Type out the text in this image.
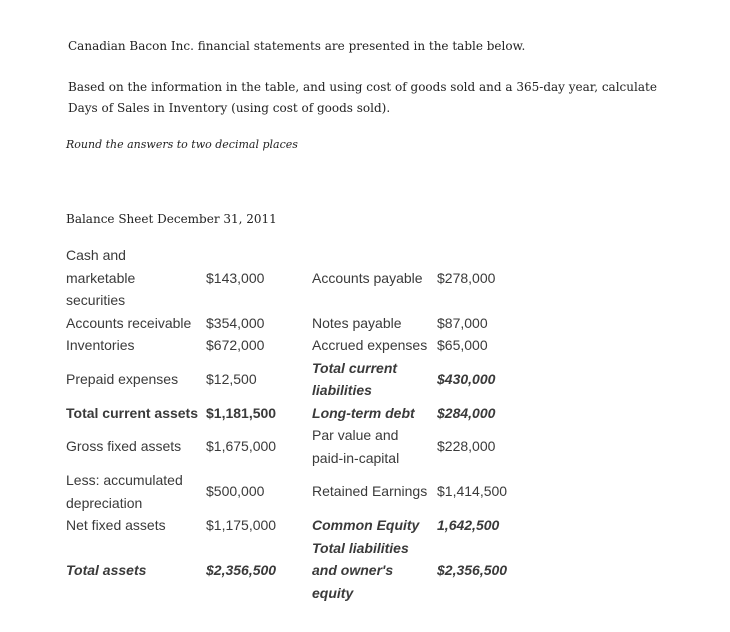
Canadian Bacon Inc. financial statements are presented in the table below.
Based on the information in the table, and using cost of goods sold and a 365-day year, calculate Days of Sales in Inventory (using cost of goods sold).
Round the answers to two decimal places
Balance Sheet December 31, 2011
Cash and marketable securities	$143,000	Accounts payable	$278,000
Accounts receivable	$354,000	Notes payable	$87,000
Inventories	$672,000	Accrued expenses	$65,000
Prepaid expenses	$12,500	Total current liabilities	$430,000
Total current assets	$1,181,500	Long-term debt	$284,000
Gross fixed assets	$1,675,000	Par value and paid-in-capital	$228,000
Less: accumulated depreciation	$500,000	Retained Earnings	$1,414,500
Net fixed assets	$1,175,000	Common Equity	1,642,500
Total assets	$2,356,500	Total liabilities and owner's equity	$2,356,500
